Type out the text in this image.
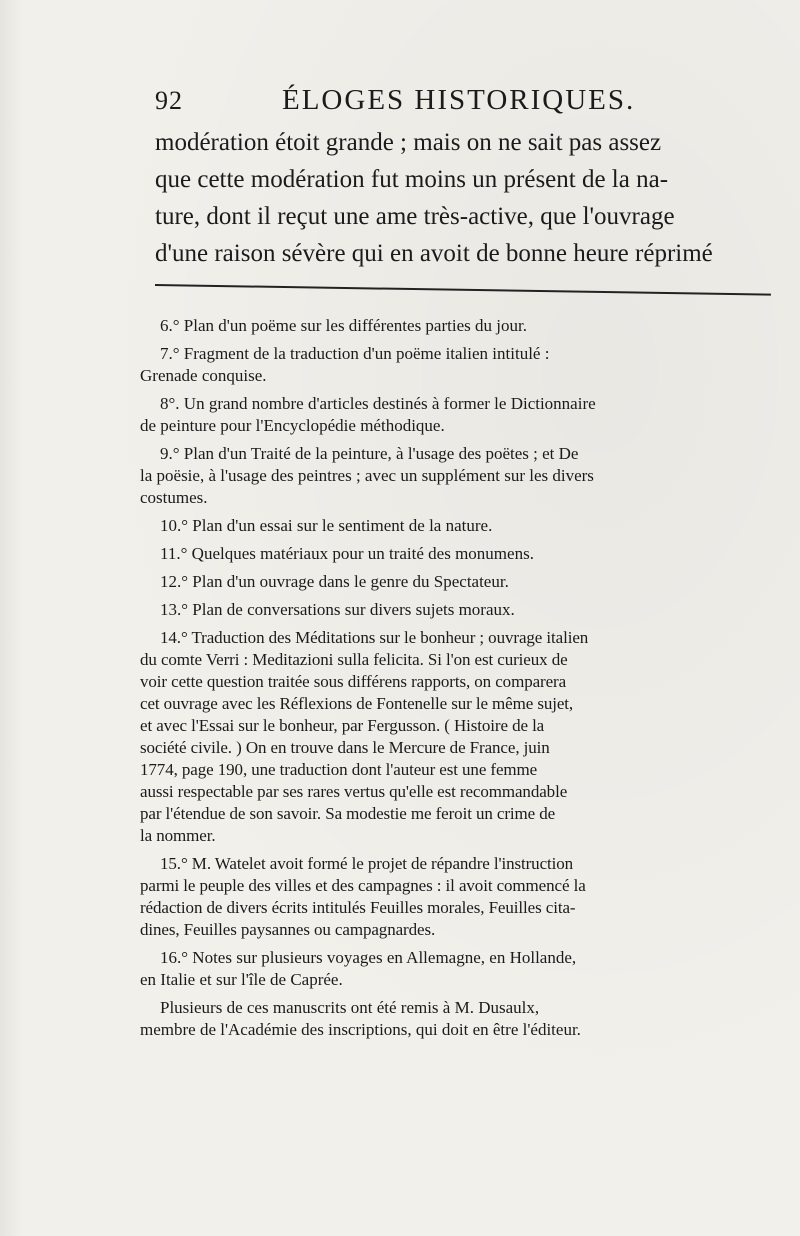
92	ÉLOGES HISTORIQUES.
modération étoit grande ; mais on ne sait pas assez
que cette modération fut moins un présent de la na-
ture, dont il reçut une ame très-active, que l'ouvrage
d'une raison sévère qui en avoit de bonne heure réprimé
6.° Plan d'un poëme sur les différentes parties du jour.
7.° Fragment de la traduction d'un poëme italien intitulé :
Grenade conquise.
8°. Un grand nombre d'articles destinés à former le Dictionnaire
de peinture pour l'Encyclopédie méthodique.
9.° Plan d'un Traité de la peinture, à l'usage des poëtes ; et De
la poësie, à l'usage des peintres ; avec un supplément sur les divers
costumes.
10.° Plan d'un essai sur le sentiment de la nature.
11.° Quelques matériaux pour un traité des monumens.
12.° Plan d'un ouvrage dans le genre du Spectateur.
13.° Plan de conversations sur divers sujets moraux.
14.° Traduction des Méditations sur le bonheur ; ouvrage italien
du comte Verri : Meditazioni sulla felicita. Si l'on est curieux de
voir cette question traitée sous différens rapports, on comparera
cet ouvrage avec les Réflexions de Fontenelle sur le même sujet,
et avec l'Essai sur le bonheur, par Fergusson. ( Histoire de la
société civile. ) On en trouve dans le Mercure de France, juin
1774, page 190, une traduction dont l'auteur est une femme
aussi respectable par ses rares vertus qu'elle est recommandable
par l'étendue de son savoir. Sa modestie me feroit un crime de
la nommer.
15.° M. Watelet avoit formé le projet de répandre l'instruction
parmi le peuple des villes et des campagnes : il avoit commencé la
rédaction de divers écrits intitulés Feuilles morales, Feuilles cita-
dines, Feuilles paysannes ou campagnardes.
16.° Notes sur plusieurs voyages en Allemagne, en Hollande,
en Italie et sur l'île de Caprée.
Plusieurs de ces manuscrits ont été remis à M. Dusaulx,
membre de l'Académie des inscriptions, qui doit en être l'éditeur.
